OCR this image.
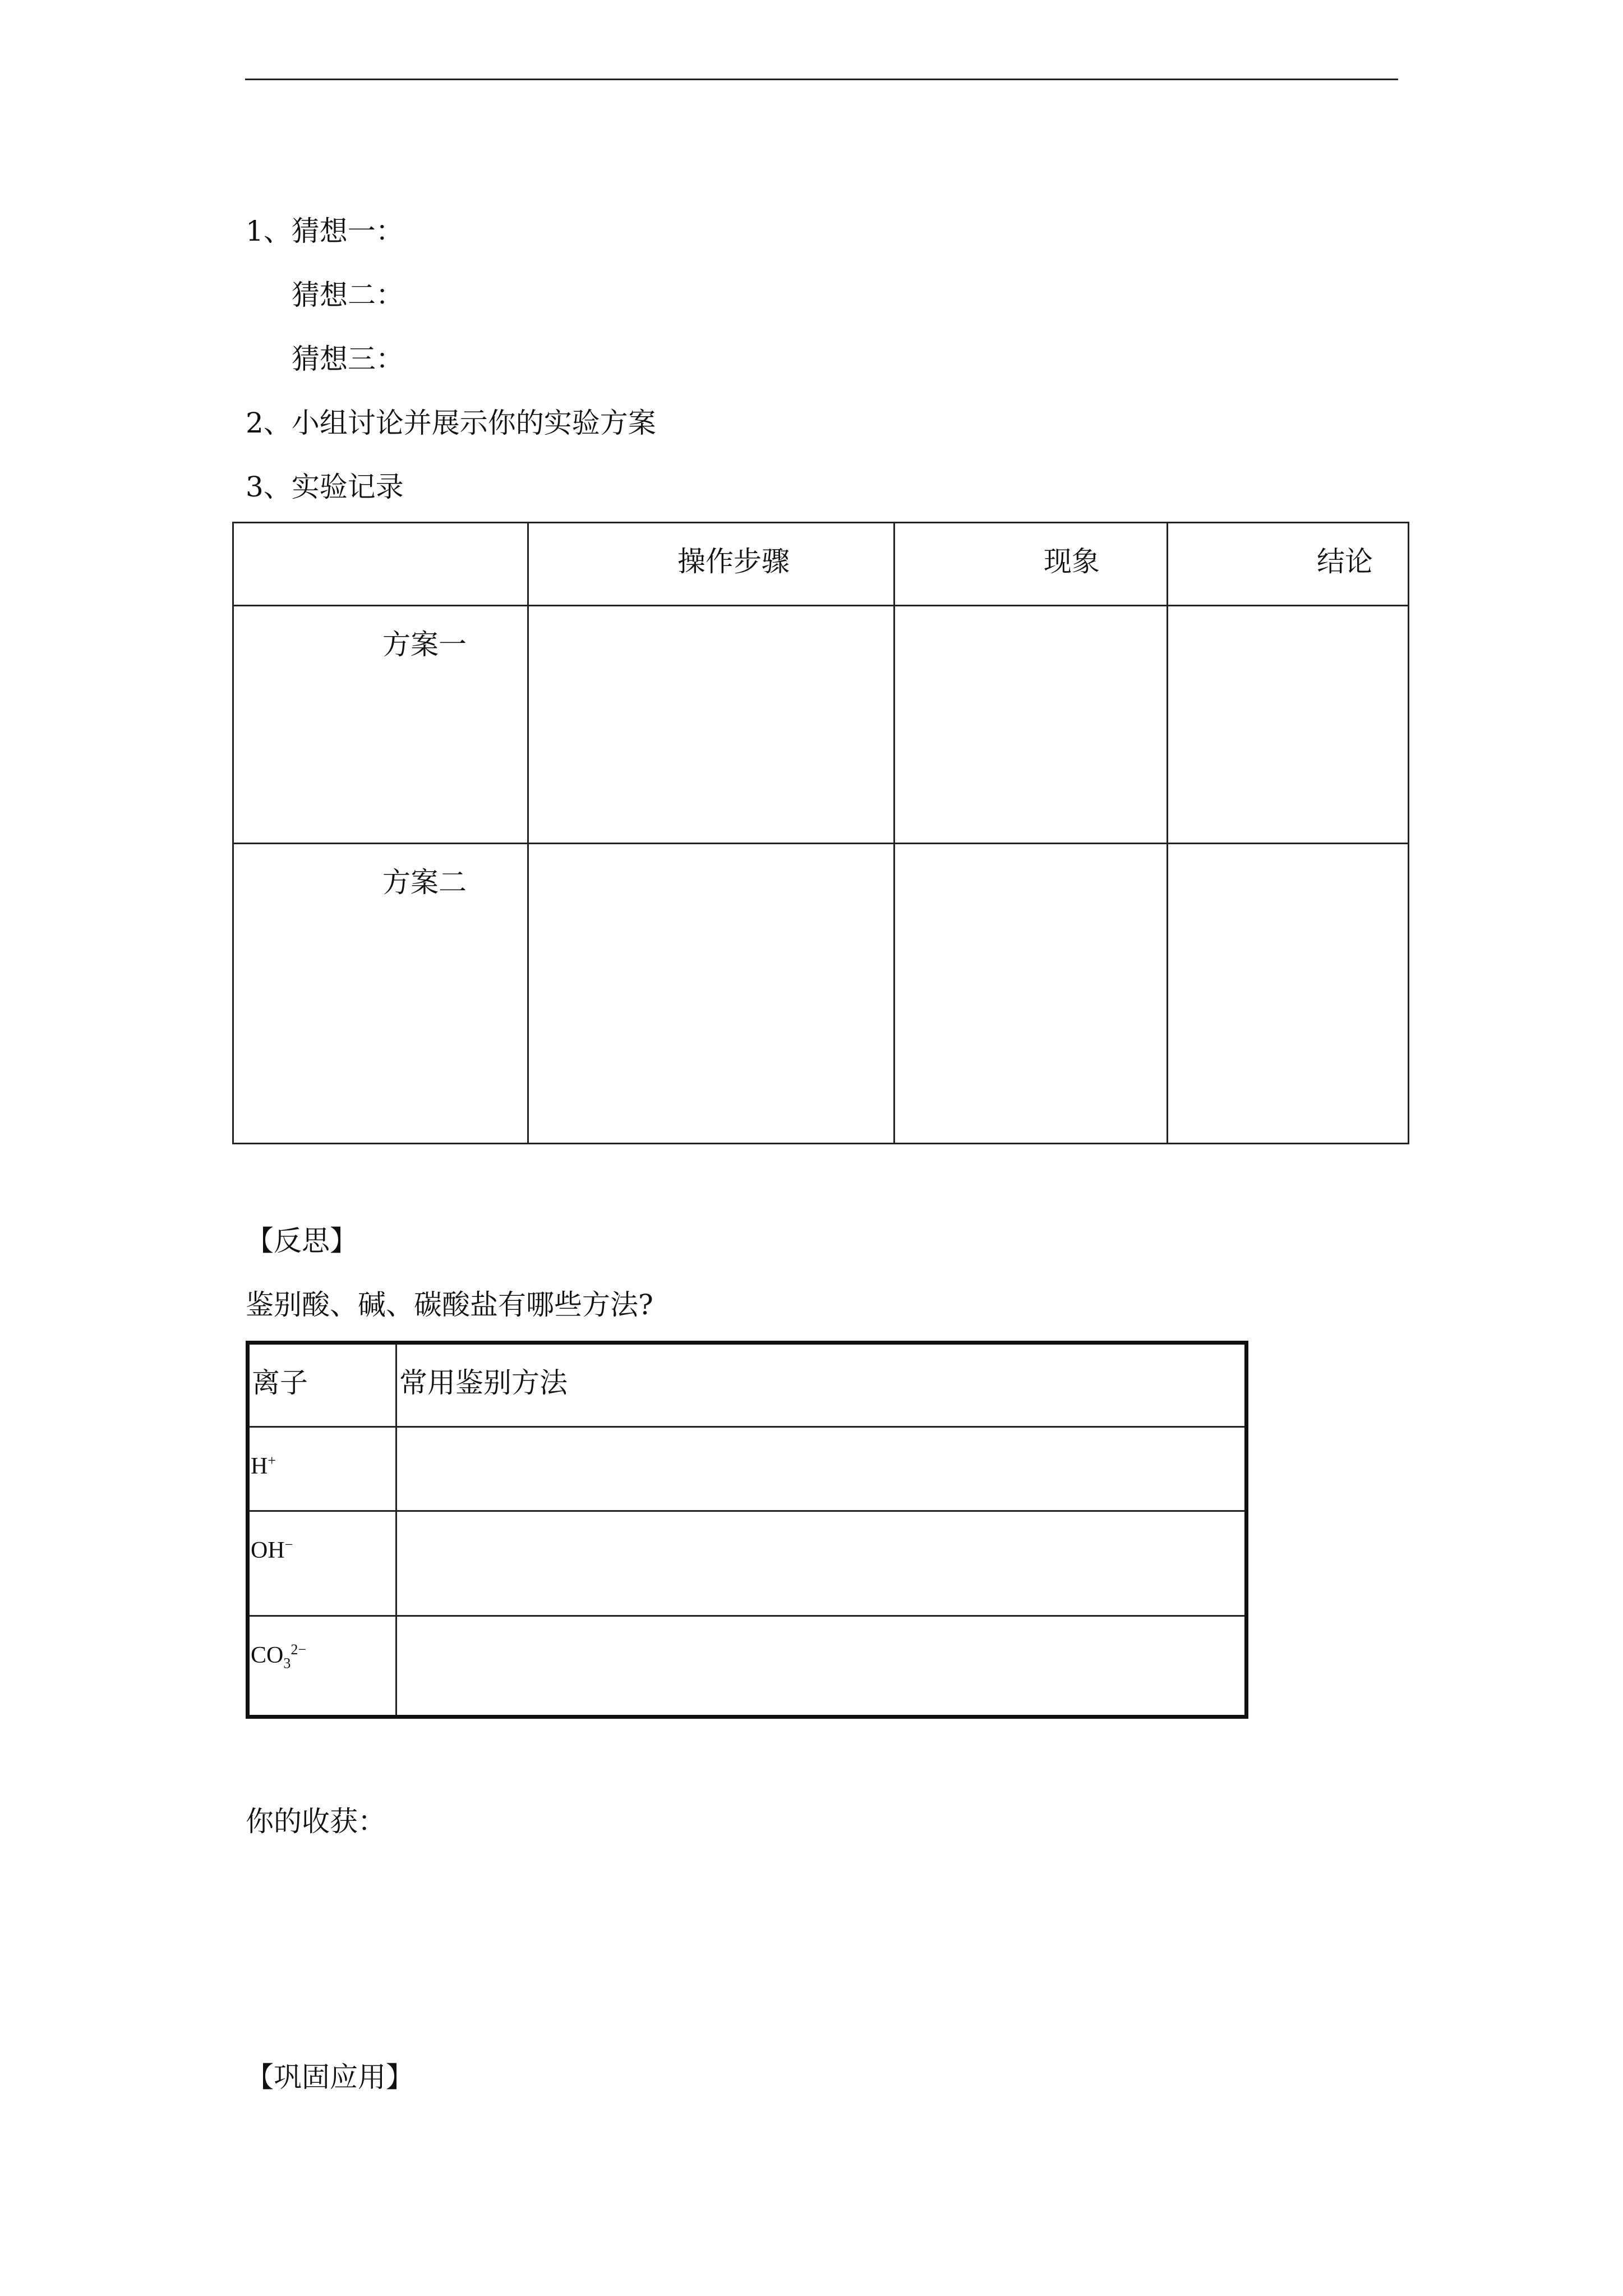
1、猜想一：
猜想二：
猜想三：
2、小组讨论并展示你的实验方案
3、实验记录

	操作步骤	现象	结论

方案一			

方案二			

【反思】
鉴别酸、碱、碳酸盐有哪些方法?
离子	常用鉴别方法

H+

OH−

$CO_3^{2-}$

你的收获：
【巩固应用】
